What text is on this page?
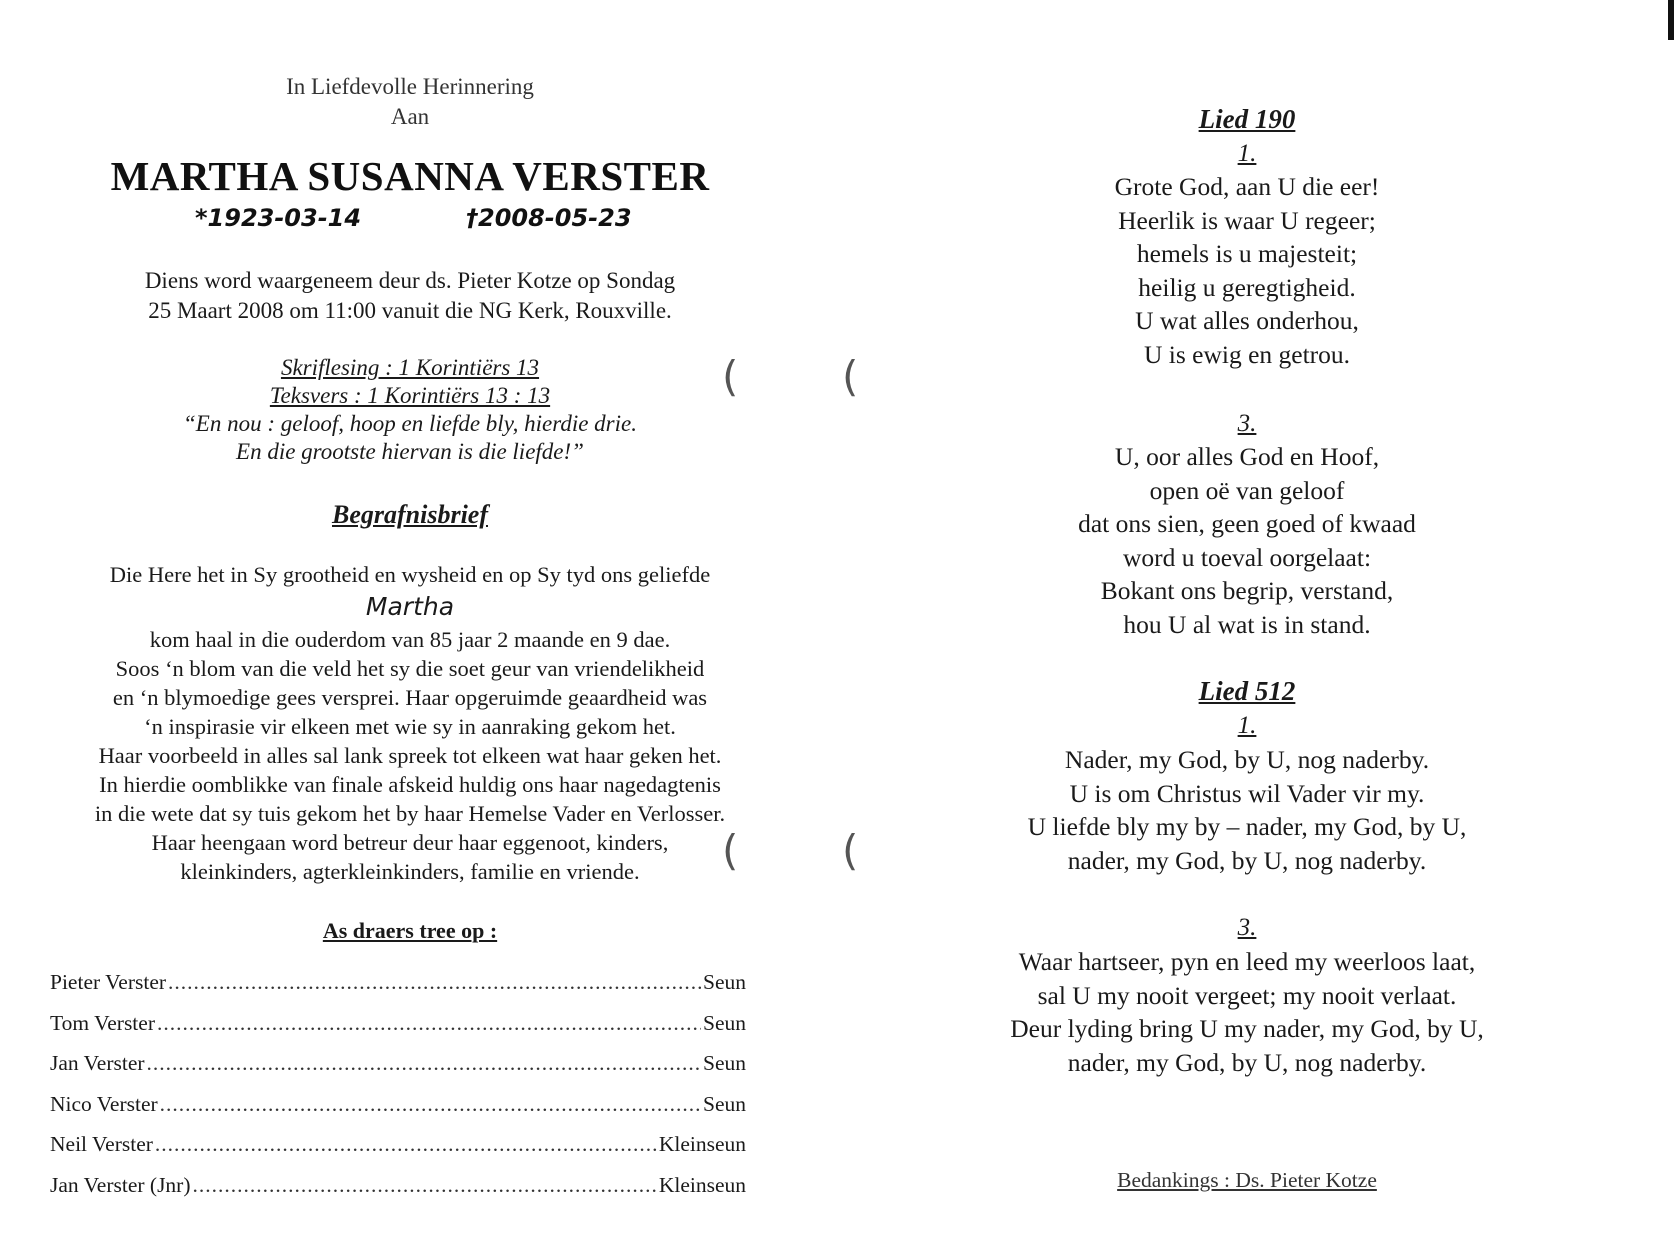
In Liefdevolle Herinnering
Aan
MARTHA SUSANNA VERSTER
*1923-03-14	†2008-05-23
Diens word waargeneem deur ds. Pieter Kotze op Sondag
25 Maart 2008 om 11:00 vanuit die NG Kerk, Rouxville.
Skriflesing : 1 Korintiërs 13
Teksvers : 1 Korintiërs 13 : 13
“En nou : geloof, hoop en liefde bly, hierdie drie.
En die grootste hiervan is die liefde!”
Begrafnisbrief
Die Here het in Sy grootheid en wysheid en op Sy tyd ons geliefde
Martha
kom haal in die ouderdom van 85 jaar 2 maande en 9 dae.
Soos ‘n blom van die veld het sy die soet geur van vriendelikheid
en ‘n blymoedige gees versprei. Haar opgeruimde geaardheid was
‘n inspirasie vir elkeen met wie sy in aanraking gekom het.
Haar voorbeeld in alles sal lank spreek tot elkeen wat haar geken het.
In hierdie oomblikke van finale afskeid huldig ons haar nagedagtenis
in die wete dat sy tuis gekom het by haar Hemelse Vader en Verlosser.
Haar heengaan word betreur deur haar eggenoot, kinders,
kleinkinders, agterkleinkinders, familie en vriende.
As draers tree op :
Pieter Verster .....	Seun
Tom Verster .....	Seun
Jan Verster .....	Seun
Nico Verster .....	Seun
Neil Verster .....	Kleinseun
Jan Verster (Jnr) .....	Kleinseun
(
(
(
(
Lied 190
1.
Grote God, aan U die eer!
Heerlik is waar U regeer;
hemels is u majesteit;
heilig u geregtigheid.
U wat alles onderhou,
U is ewig en getrou.
3.
U, oor alles God en Hoof,
open oë van geloof
dat ons sien, geen goed of kwaad
word u toeval oorgelaat:
Bokant ons begrip, verstand,
hou U al wat is in stand.
Lied 512
1.
Nader, my God, by U, nog naderby.
U is om Christus wil Vader vir my.
U liefde bly my by – nader, my God, by U,
nader, my God, by U, nog naderby.
3.
Waar hartseer, pyn en leed my weerloos laat,
sal U my nooit vergeet; my nooit verlaat.
Deur lyding bring U my nader, my God, by U,
nader, my God, by U, nog naderby.
Bedankings : Ds. Pieter Kotze
